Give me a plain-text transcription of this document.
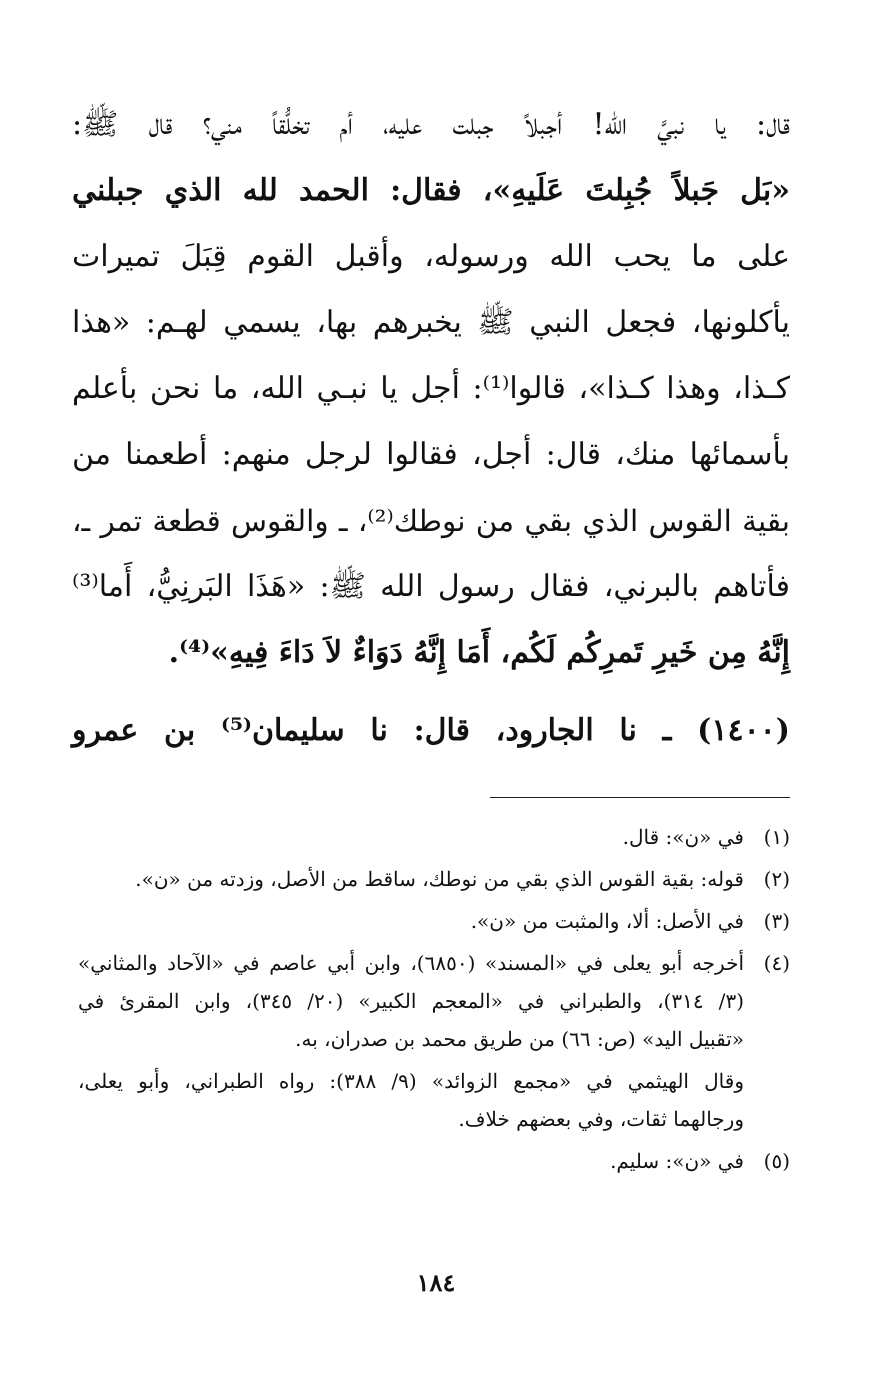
قال: يا نبيَّ الله! أجبلاً جبلت عليه، أم تخلُّقاً مني؟ قال ﷺ:
«بَل جَبلاً جُبِلتَ عَلَيهِ»، فقال: الحمد لله الذي جبلني
على ما يحب الله ورسوله، وأقبل القوم قِبَلَ تميرات
يأكلونها، فجعل النبي ﷺ يخبرهم بها، يسمي لهـم: «هذا
كـذا، وهذا كـذا»، قالوا⁽¹⁾: أجل يا نبـي الله، ما نحن بأعلم
بأسمائها منك، قال: أجل، فقالوا لرجل منهم: أطعمنا من
بقية القوس الذي بقي من نوطك⁽²⁾، ـ والقوس قطعة تمر ـ،
فأتاهم بالبرني، فقال رسول الله ﷺ: «هَذَا البَرنِيُّ، أَما⁽³⁾
إِنَّهُ مِن خَيرِ تَمرِكُم لَكُم، أَمَا إِنَّهُ دَوَاءٌ لاَ دَاءَ فِيهِ»⁽⁴⁾.
(١٤٠٠) ـ نا الجارود، قال: نا سليمان⁽⁵⁾ بن عمرو
(١)
في «ن»: قال.
(٢)
قوله: بقية القوس الذي بقي من نوطك، ساقط من الأصل، وزدته من «ن».
(٣)
في الأصل: ألا، والمثبت من «ن».
(٤)
أخرجه أبو يعلى في «المسند» (٦٨٥٠)، وابن أبي عاصم في «الآحاد والمثاني»
(٣/ ٣١٤)، والطبراني في «المعجم الكبير» (٢٠/ ٣٤٥)، وابن المقرئ في
«تقبيل اليد» (ص: ٦٦) من طريق محمد بن صدران، به.
وقال الهيثمي في «مجمع الزوائد» (٩/ ٣٨٨): رواه الطبراني، وأبو يعلى،
ورجالهما ثقات، وفي بعضهم خلاف.
(٥)
في «ن»: سليم.
١٨٤
